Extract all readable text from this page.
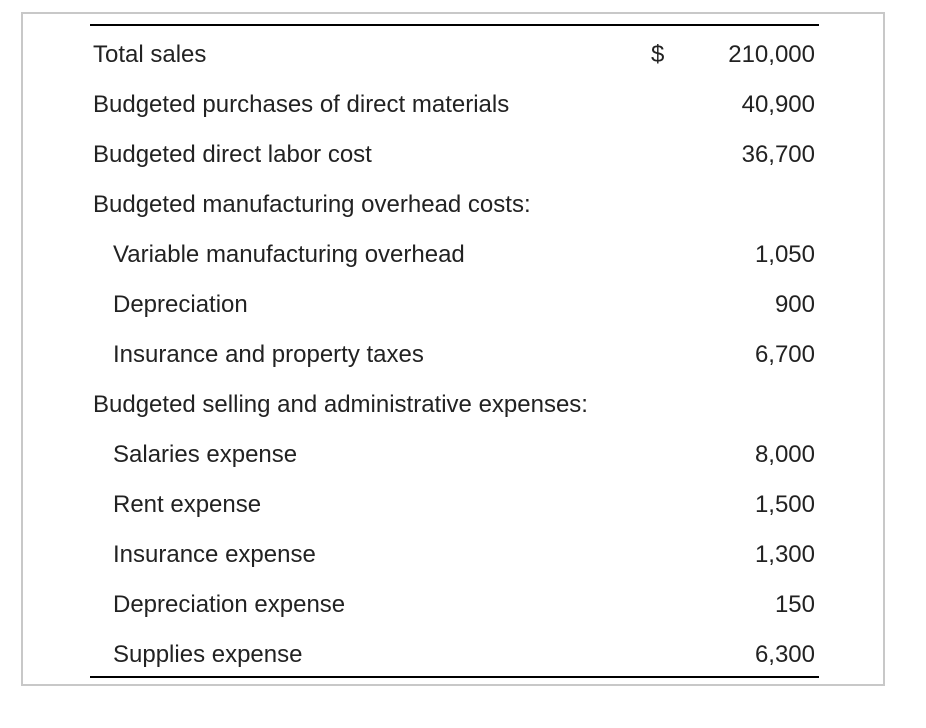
Total sales	$	210,000
Budgeted purchases of direct materials	40,900
Budgeted direct labor cost	36,700
Budgeted manufacturing overhead costs:
Variable manufacturing overhead	1,050
Depreciation	900
Insurance and property taxes	6,700
Budgeted selling and administrative expenses:
Salaries expense	8,000
Rent expense	1,500
Insurance expense	1,300
Depreciation expense	150
Supplies expense	6,300
